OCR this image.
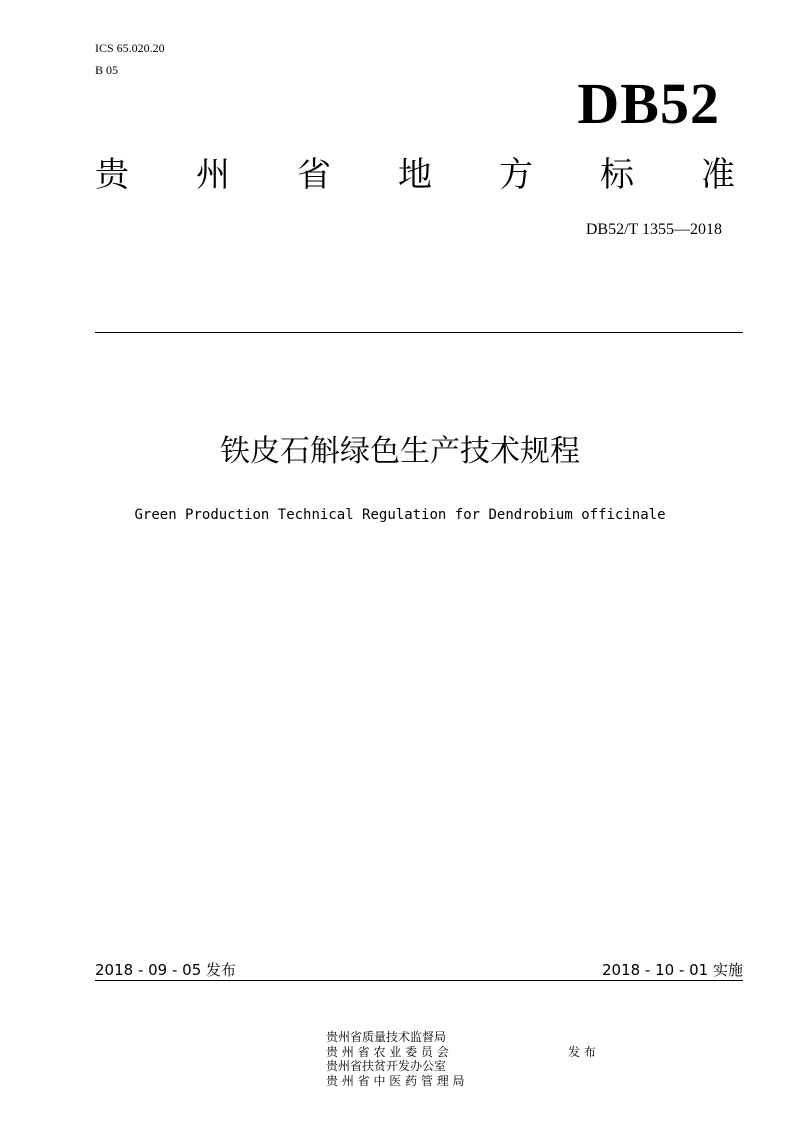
ICS 65.020.20
B 05
DB52
贵 州 省 地 方 标 准
DB52/T 1355—2018
铁皮石斛绿色生产技术规程
Green Production Technical Regulation for Dendrobium officinale
2018 - 09 - 05 发布	2018 - 10 - 01 实施
贵州省质量技术监督局
贵 州 省 农 业 委 员 会
贵州省扶贫开发办公室
贵 州 省 中 医 药 管 理 局
发 布
